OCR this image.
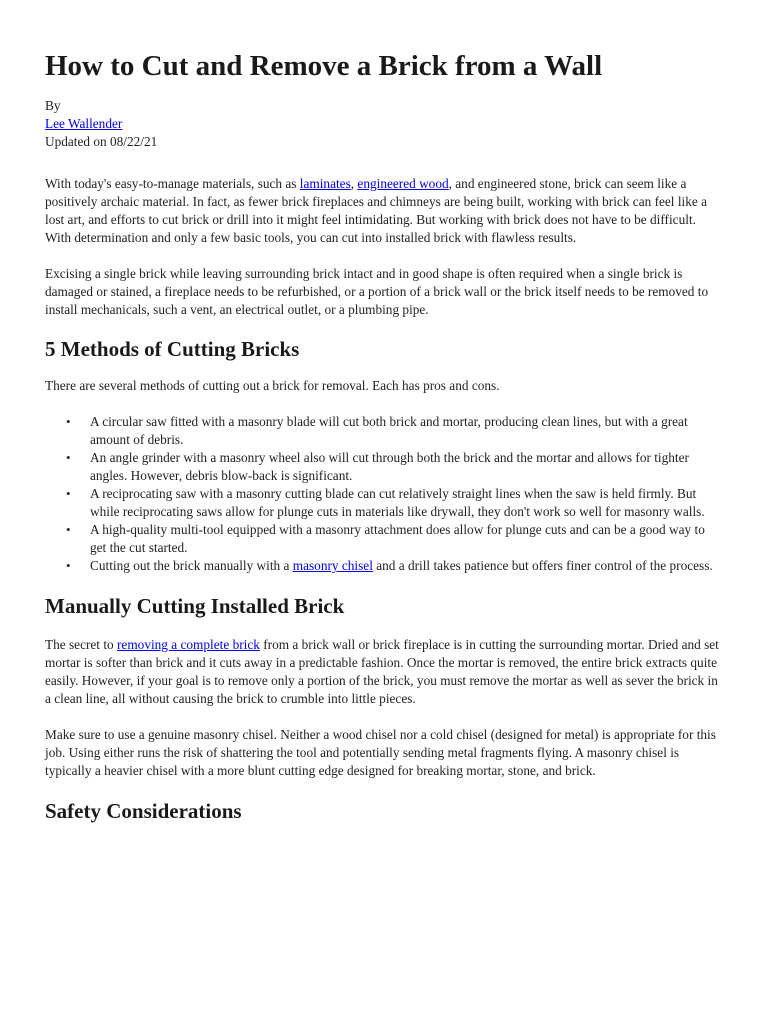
How to Cut and Remove a Brick from a Wall
By
Lee Wallender
Updated on 08/22/21

With today's easy-to-manage materials, such as laminates, engineered wood, and engineered stone, brick can seem like a positively archaic material. In fact, as fewer brick fireplaces and chimneys are being built, working with brick can feel like a lost art, and efforts to cut brick or drill into it might feel intimidating. But working with brick does not have to be difficult. With determination and only a few basic tools, you can cut into installed brick with flawless results.

Excising a single brick while leaving surrounding brick intact and in good shape is often required when a single brick is damaged or stained, a fireplace needs to be refurbished, or a portion of a brick wall or the brick itself needs to be removed to install mechanicals, such a vent, an electrical outlet, or a plumbing pipe.

5 Methods of Cutting Bricks

There are several methods of cutting out a brick for removal. Each has pros and cons.

• A circular saw fitted with a masonry blade will cut both brick and mortar, producing clean lines, but with a great amount of debris.
• An angle grinder with a masonry wheel also will cut through both the brick and the mortar and allows for tighter angles. However, debris blow-back is significant.
• A reciprocating saw with a masonry cutting blade can cut relatively straight lines when the saw is held firmly. But while reciprocating saws allow for plunge cuts in materials like drywall, they don't work so well for masonry walls.
• A high-quality multi-tool equipped with a masonry attachment does allow for plunge cuts and can be a good way to get the cut started.
• Cutting out the brick manually with a masonry chisel and a drill takes patience but offers finer control of the process.
Manually Cutting Installed Brick

The secret to removing a complete brick from a brick wall or brick fireplace is in cutting the surrounding mortar. Dried and set mortar is softer than brick and it cuts away in a predictable fashion. Once the mortar is removed, the entire brick extracts quite easily. However, if your goal is to remove only a portion of the brick, you must remove the mortar as well as sever the brick in a clean line, all without causing the brick to crumble into little pieces.

Make sure to use a genuine masonry chisel. Neither a wood chisel nor a cold chisel (designed for metal) is appropriate for this job. Using either runs the risk of shattering the tool and potentially sending metal fragments flying. A masonry chisel is typically a heavier chisel with a more blunt cutting edge designed for breaking mortar, stone, and brick.

Safety Considerations
